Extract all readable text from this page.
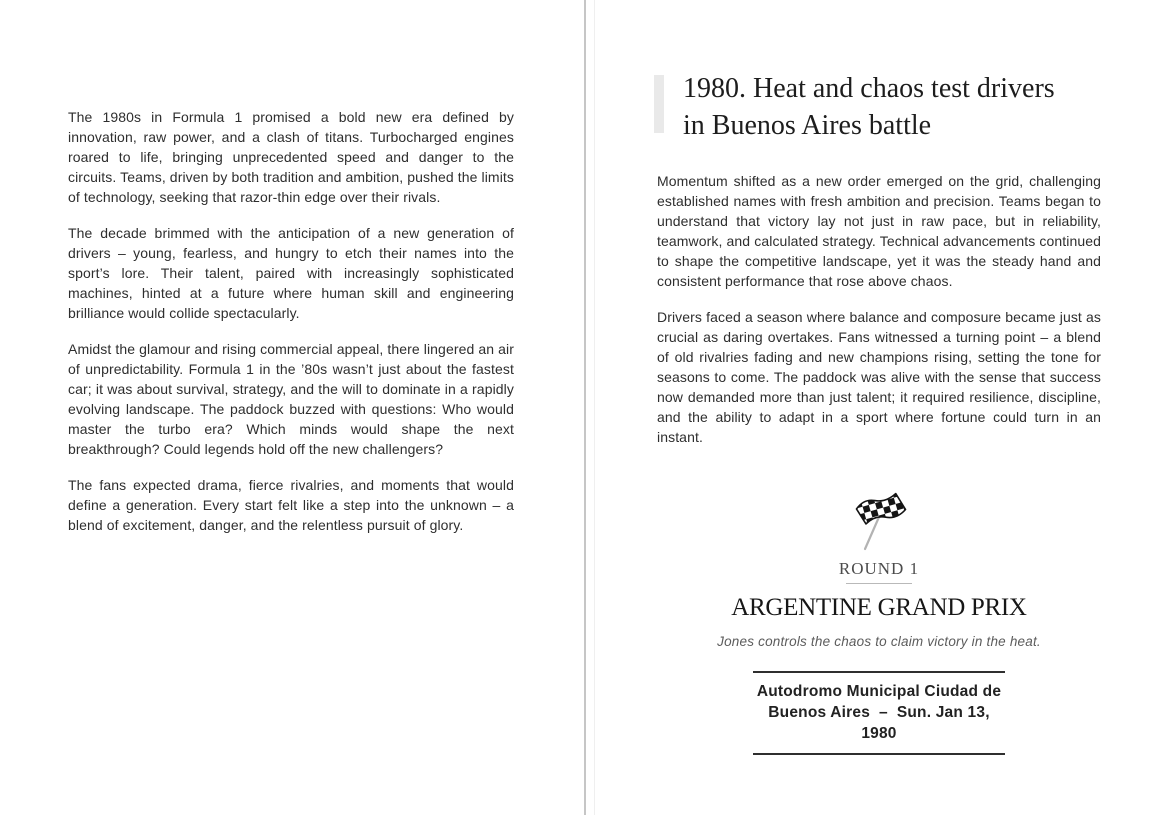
The 1980s in Formula 1 promised a bold new era defined by innovation, raw power, and a clash of titans. Turbocharged engines roared to life, bringing unprecedented speed and danger to the circuits. Teams, driven by both tradition and ambition, pushed the limits of technology, seeking that razor-thin edge over their rivals.

The decade brimmed with the anticipation of a new generation of drivers – young, fearless, and hungry to etch their names into the sport’s lore. Their talent, paired with increasingly sophisticated machines, hinted at a future where human skill and engineering brilliance would collide spectacularly.

Amidst the glamour and rising commercial appeal, there lingered an air of unpredictability. Formula 1 in the ’80s wasn’t just about the fastest car; it was about survival, strategy, and the will to dominate in a rapidly evolving landscape. The paddock buzzed with questions: Who would master the turbo era? Which minds would shape the next breakthrough? Could legends hold off the new challengers?

The fans expected drama, fierce rivalries, and moments that would define a generation. Every start felt like a step into the unknown – a blend of excitement, danger, and the relentless pursuit of glory.

1980. Heat and chaos test drivers in Buenos Aires battle

Momentum shifted as a new order emerged on the grid, challenging established names with fresh ambition and precision. Teams began to understand that victory lay not just in raw pace, but in reliability, teamwork, and calculated strategy. Technical advancements continued to shape the competitive landscape, yet it was the steady hand and consistent performance that rose above chaos.

Drivers faced a season where balance and composure became just as crucial as daring overtakes. Fans witnessed a turning point – a blend of old rivalries fading and new champions rising, setting the tone for seasons to come. The paddock was alive with the sense that success now demanded more than just talent; it required resilience, discipline, and the ability to adapt in a sport where fortune could turn in an instant.

ROUND 1
ARGENTINE GRAND PRIX
Jones controls the chaos to claim victory in the heat.
Autodromo Municipal Ciudad de
Buenos Aires  –  Sun. Jan 13, 1980
